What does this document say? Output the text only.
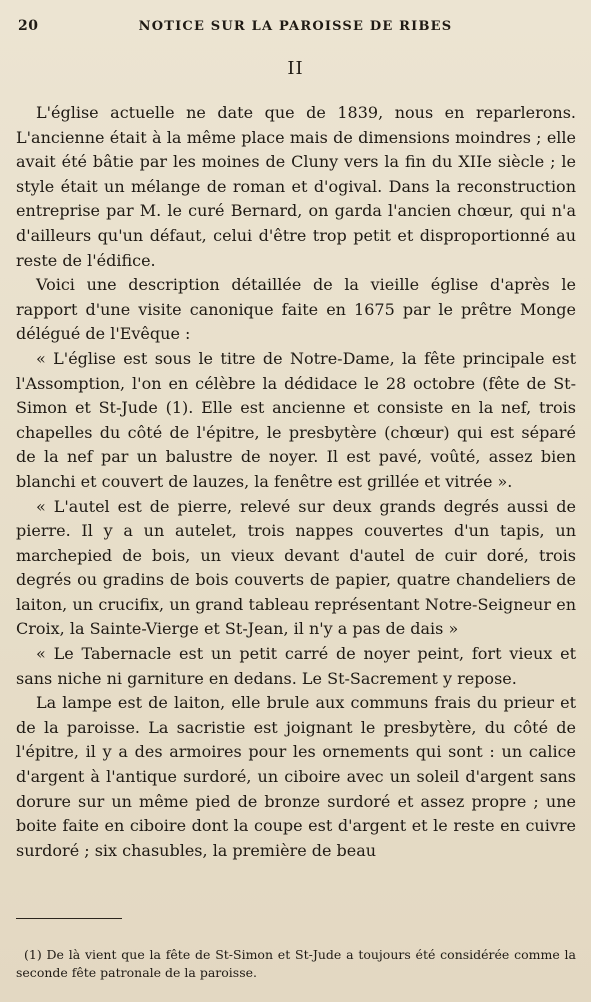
20	NOTICE SUR LA PAROISSE DE RIBES
II

L'église actuelle ne date que de 1839, nous en reparlerons. L'ancienne était à la même place mais de dimensions moindres ; elle avait été bâtie par les moines de Cluny vers la fin du XIIe siècle ; le style était un mélange de roman et d'ogival. Dans la reconstruction entreprise par M. le curé Bernard, on garda l'ancien chœur, qui n'a d'ailleurs qu'un défaut, celui d'être trop petit et disproportionné au reste de l'édifice.

Voici une description détaillée de la vieille église d'après le rapport d'une visite canonique faite en 1675 par le prêtre Monge délégué de l'Evêque :

« L'église est sous le titre de Notre-Dame, la fête principale est l'Assomption, l'on en célèbre la dédidace le 28 octobre (fête de St-Simon et St-Jude (1). Elle est ancienne et consiste en la nef, trois chapelles du côté de l'épitre, le presbytère (chœur) qui est séparé de la nef par un balustre de noyer. Il est pavé, voûté, assez bien blanchi et couvert de lauzes, la fenêtre est grillée et vitrée ».

« L'autel est de pierre, relevé sur deux grands degrés aussi de pierre. Il y a un autelet, trois nappes couvertes d'un tapis, un marchepied de bois, un vieux devant d'autel de cuir doré, trois degrés ou gradins de bois couverts de papier, quatre chandeliers de laiton, un crucifix, un grand tableau représentant Notre-Seigneur en Croix, la Sainte-Vierge et St-Jean, il n'y a pas de dais »

« Le Tabernacle est un petit carré de noyer peint, fort vieux et sans niche ni garniture en dedans. Le St-Sacrement y repose.

La lampe est de laiton, elle brule aux communs frais du prieur et de la paroisse. La sacristie est joignant le presbytère, du côté de l'épitre, il y a des armoires pour les ornements qui sont : un calice d'argent à l'antique surdoré, un ciboire avec un soleil d'argent sans dorure sur un même pied de bronze surdoré et assez propre ; une boite faite en ciboire dont la coupe est d'argent et le reste en cuivre surdoré ; six chasubles, la première de beau

(1) De là vient que la fête de St-Simon et St-Jude a toujours été considérée comme la seconde fête patronale de la paroisse.
